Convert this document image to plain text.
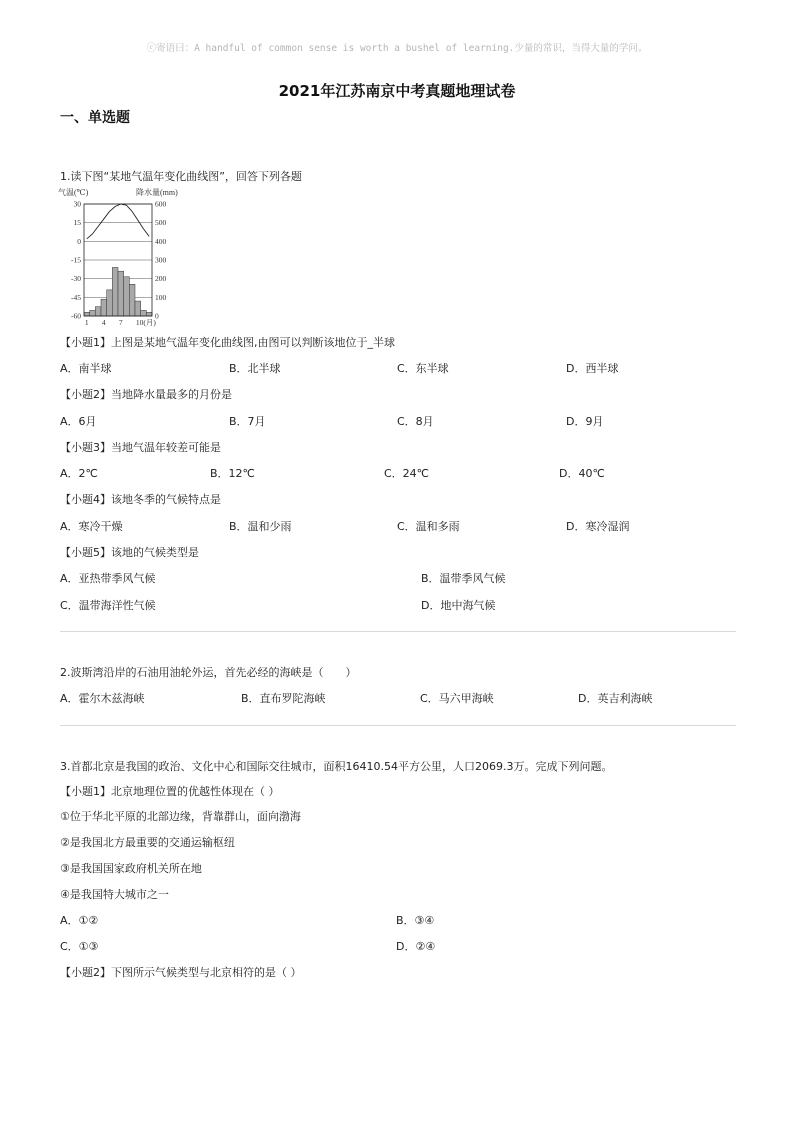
ⓒ寄语曰：A handful of common sense is worth a bushel of learning.少量的常识，当得大量的学问。
2021年江苏南京中考真题地理试卷
一、单选题
1.读下图“某地气温年变化曲线图”，回答下列各题
气温(℃)	降水量(mm)
30	600
15	500
0	400
-15	300
-30	200
-45	100
-60	0
1 4 7 10(月)
【小题1】上图是某地气温年变化曲线图,由图可以判断该地位于_半球
A．南半球	B．北半球	C．东半球	D．西半球
【小题2】当地降水量最多的月份是
A．6月	B．7月	C．8月	D．9月
【小题3】当地气温年较差可能是
A．2℃	B．12℃	C．24℃	D．40℃
【小题4】该地冬季的气候特点是
A．寒冷干燥	B．温和少雨	C．温和多雨	D．寒冷湿润
【小题5】该地的气候类型是
A．亚热带季风气候	B．温带季风气候
C．温带海洋性气候	D．地中海气候
2.波斯湾沿岸的石油用油轮外运，首先必经的海峡是（　　）
A．霍尔木兹海峡	B．直布罗陀海峡	C．马六甲海峡	D．英吉利海峡
3.首都北京是我国的政治、文化中心和国际交往城市，面积16410.54平方公里，人口2069.3万。完成下列问题。
【小题1】北京地理位置的优越性体现在（ ）
①位于华北平原的北部边缘，背靠群山，面向渤海
②是我国北方最重要的交通运输枢纽
③是我国国家政府机关所在地
④是我国特大城市之一
A．①②	B．③④
C．①③	D．②④
【小题2】下图所示气候类型与北京相符的是（ ）
